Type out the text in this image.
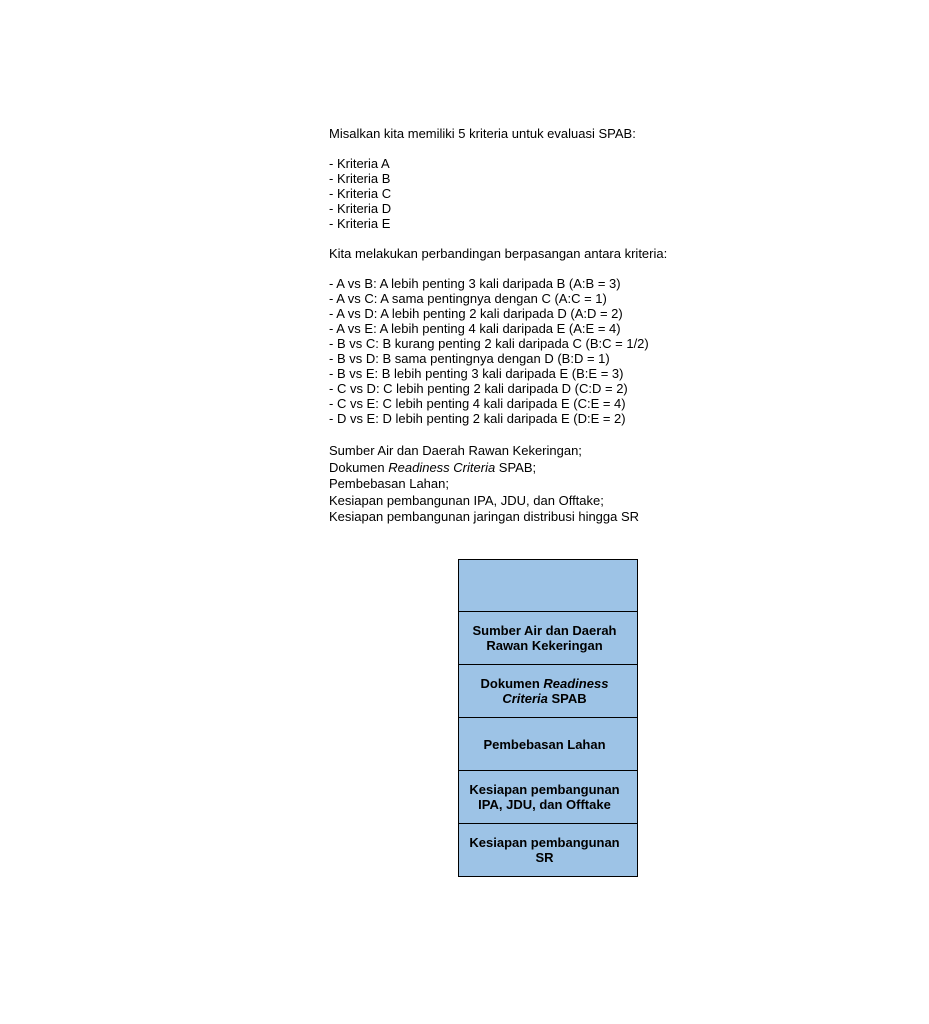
Misalkan kita memiliki 5 kriteria untuk evaluasi SPAB:
- Kriteria A
- Kriteria B
- Kriteria C
- Kriteria D
- Kriteria E
Kita melakukan perbandingan berpasangan antara kriteria:
- A vs B: A lebih penting 3 kali daripada B (A:B = 3)
- A vs C: A sama pentingnya dengan C (A:C = 1)
- A vs D: A lebih penting 2 kali daripada D (A:D = 2)
- A vs E: A lebih penting 4 kali daripada E (A:E = 4)
- B vs C: B kurang penting 2 kali daripada C (B:C = 1/2)
- B vs D: B sama pentingnya dengan D (B:D = 1)
- B vs E: B lebih penting 3 kali daripada E (B:E = 3)
- C vs D: C lebih penting 2 kali daripada D (C:D = 2)
- C vs E: C lebih penting 4 kali daripada E (C:E = 4)
- D vs E: D lebih penting 2 kali daripada E (D:E = 2)
Sumber Air dan Daerah Rawan Kekeringan;
Dokumen Readiness Criteria SPAB;
Pembebasan Lahan;
Kesiapan pembangunan IPA, JDU, dan Offtake;
Kesiapan pembangunan jaringan distribusi hingga SR
Sumber Air dan Daerah Rawan Kekeringan
Dokumen Readiness Criteria SPAB
Pembebasan Lahan
Kesiapan pembangunan IPA, JDU, dan Offtake
Kesiapan pembangunan SR
